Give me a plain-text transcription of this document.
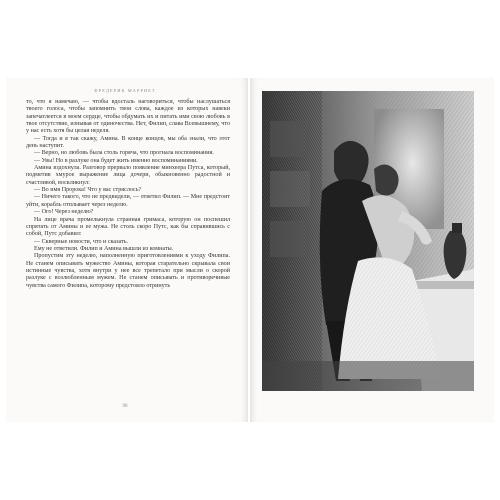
ФРЕДЕРИК МАРРИЕТ

то, что я намечаю, — чтобы вдосталь наговориться, чтобы наслушаться твоего голоса, чтобы запомнить твои слова, каждое из которых навеки запечатлеется в моем сердце, чтобы обдумать их и питать ими свою любовь в твое отсутствие, изнывая от одиночества. Нет, Филип, слава Всевышнему, что у нас есть хотя бы целая неделя.

— Тогда и я так скажу, Амина. В конце концов, мы оба знали, что этот день наступит.

— Верно, но любовь была столь горяча, что прогнала воспоминания.

— Увы! Но в разлуке она будет жить именно воспоминаниями.

Амина вздохнула. Разговор прервало появление минхеера Путса, который, подметив хмурое выражение лица дочери, обыкновенно радостной и счастливой, воскликнул:

— Во имя Пророка! Что у вас стряслось?

— Ничего такого, что не предвидели, — ответил Филип. — Мне предстоит уйти, корабль отплывает через неделю.

— Ого! Через неделю?

На лице врача промелькнула странная гримаса, которую он поспешил спрятать от Амины и ее мужа. Не столь скоро Путс, как бы справившись с собой, Путс добавил:

— Скверные новости, что и сказать.

Ему не ответили. Филип и Амина вышли из комнаты.

Пропустим эту неделю, наполненную приготовлениями к уходу Филипа. Не станем описывать мужество Амины, которая старательно скрывала свои истинные чувства, хотя внутри у нее все трепетало при мысли о скорой разлуке с возлюбленным мужем. Не станем описывать и противоречивые чувства самого Филипа, которому предстояло отринуть

90
